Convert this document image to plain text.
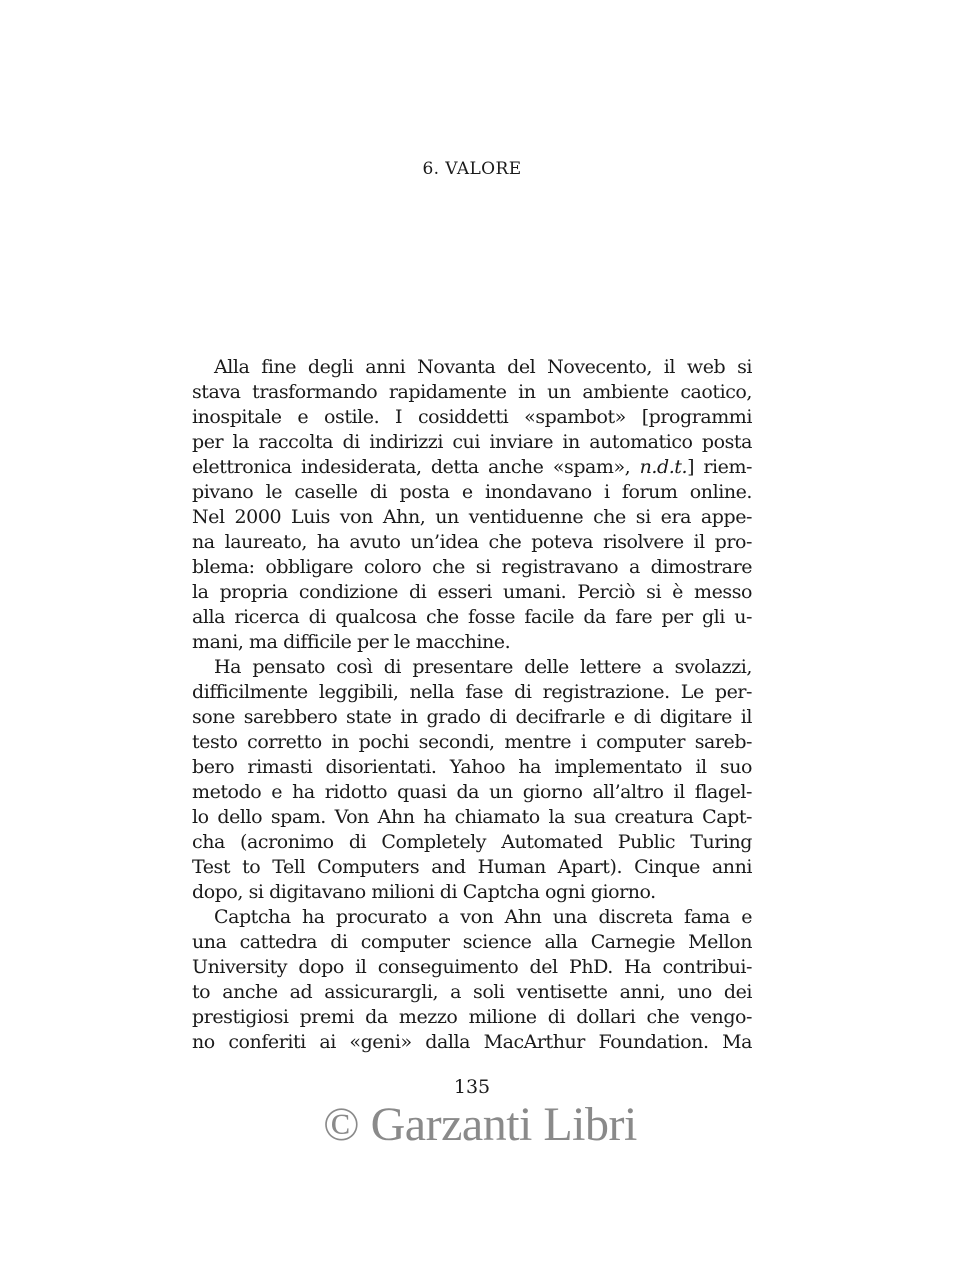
6. VALORE
Alla fine degli anni Novanta del Novecento, il web si
stava trasformando rapidamente in un ambiente caotico,
inospitale e ostile. I cosiddetti «spambot» [programmi
per la raccolta di indirizzi cui inviare in automatico posta
elettronica indesiderata, detta anche «spam», n.d.t.] riem-
pivano le caselle di posta e inondavano i forum online.
Nel 2000 Luis von Ahn, un ventiduenne che si era appe-
na laureato, ha avuto un’idea che poteva risolvere il pro-
blema: obbligare coloro che si registravano a dimostrare
la propria condizione di esseri umani. Perciò si è messo
alla ricerca di qualcosa che fosse facile da fare per gli u-
mani, ma difficile per le macchine.
Ha pensato così di presentare delle lettere a svolazzi,
difficilmente leggibili, nella fase di registrazione. Le per-
sone sarebbero state in grado di decifrarle e di digitare il
testo corretto in pochi secondi, mentre i computer sareb-
bero rimasti disorientati. Yahoo ha implementato il suo
metodo e ha ridotto quasi da un giorno all’altro il flagel-
lo dello spam. Von Ahn ha chiamato la sua creatura Capt-
cha (acronimo di Completely Automated Public Turing
Test to Tell Computers and Human Apart). Cinque anni
dopo, si digitavano milioni di Captcha ogni giorno.
Captcha ha procurato a von Ahn una discreta fama e
una cattedra di computer science alla Carnegie Mellon
University dopo il conseguimento del PhD. Ha contribui-
to anche ad assicurargli, a soli ventisette anni, uno dei
prestigiosi premi da mezzo milione di dollari che vengo-
no conferiti ai «geni» dalla MacArthur Foundation. Ma
135
© Garzanti Libri
